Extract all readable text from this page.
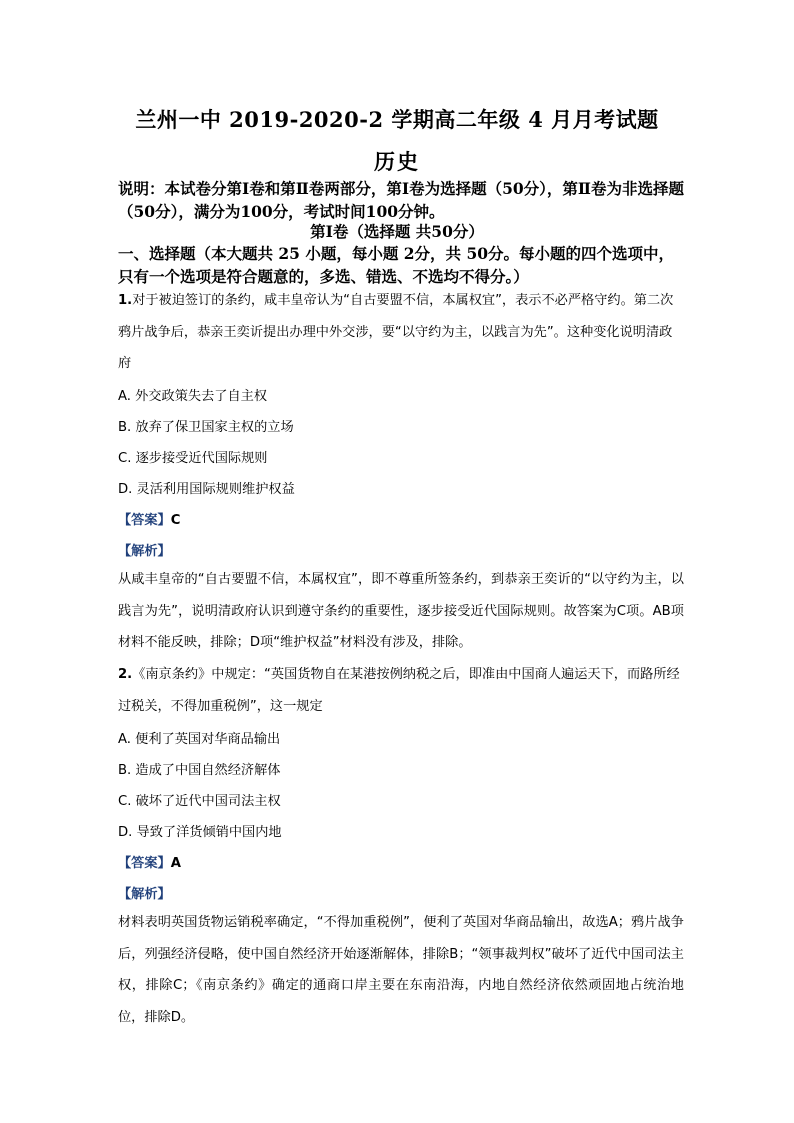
兰州一中 2019-2020-2 学期高二年级 4 月月考试题
历史
说明：本试卷分第Ⅰ卷和第Ⅱ卷两部分，第Ⅰ卷为选择题（50分），第Ⅱ卷为非选择题（50分），满分为100分，考试时间100分钟。
第Ⅰ卷（选择题 共50分）
一、选择题（本大题共 25 小题，每小题 2分，共 50分。每小题的四个选项中，只有一个选项是符合题意的，多选、错选、不选均不得分。）
1.对于被迫签订的条约，咸丰皇帝认为“自古要盟不信，本属权宜”，表示不必严格守约。第二次鸦片战争后，恭亲王奕䜣提出办理中外交涉，要“以守约为主，以践言为先”。这种变化说明清政府
A. 外交政策失去了自主权
B. 放弃了保卫国家主权的立场
C. 逐步接受近代国际规则
D. 灵活利用国际规则维护权益
【答案】C
【解析】
从咸丰皇帝的“自古要盟不信，本属权宜”，即不尊重所签条约，到恭亲王奕䜣的“以守约为主，以践言为先”，说明清政府认识到遵守条约的重要性，逐步接受近代国际规则。故答案为C项。AB项材料不能反映，排除；D项“维护权益”材料没有涉及，排除。
2.《南京条约》中规定：“英国货物自在某港按例纳税之后，即准由中国商人遍运天下，而路所经过税关，不得加重税例”，这一规定
A. 便利了英国对华商品输出
B. 造成了中国自然经济解体
C. 破坏了近代中国司法主权
D. 导致了洋货倾销中国内地
【答案】A
【解析】
材料表明英国货物运销税率确定，“不得加重税例”，便利了英国对华商品输出，故选A；鸦片战争后，列强经济侵略，使中国自然经济开始逐渐解体，排除B；“领事裁判权”破坏了近代中国司法主权，排除C；《南京条约》确定的通商口岸主要在东南沿海，内地自然经济依然顽固地占统治地位，排除D。
